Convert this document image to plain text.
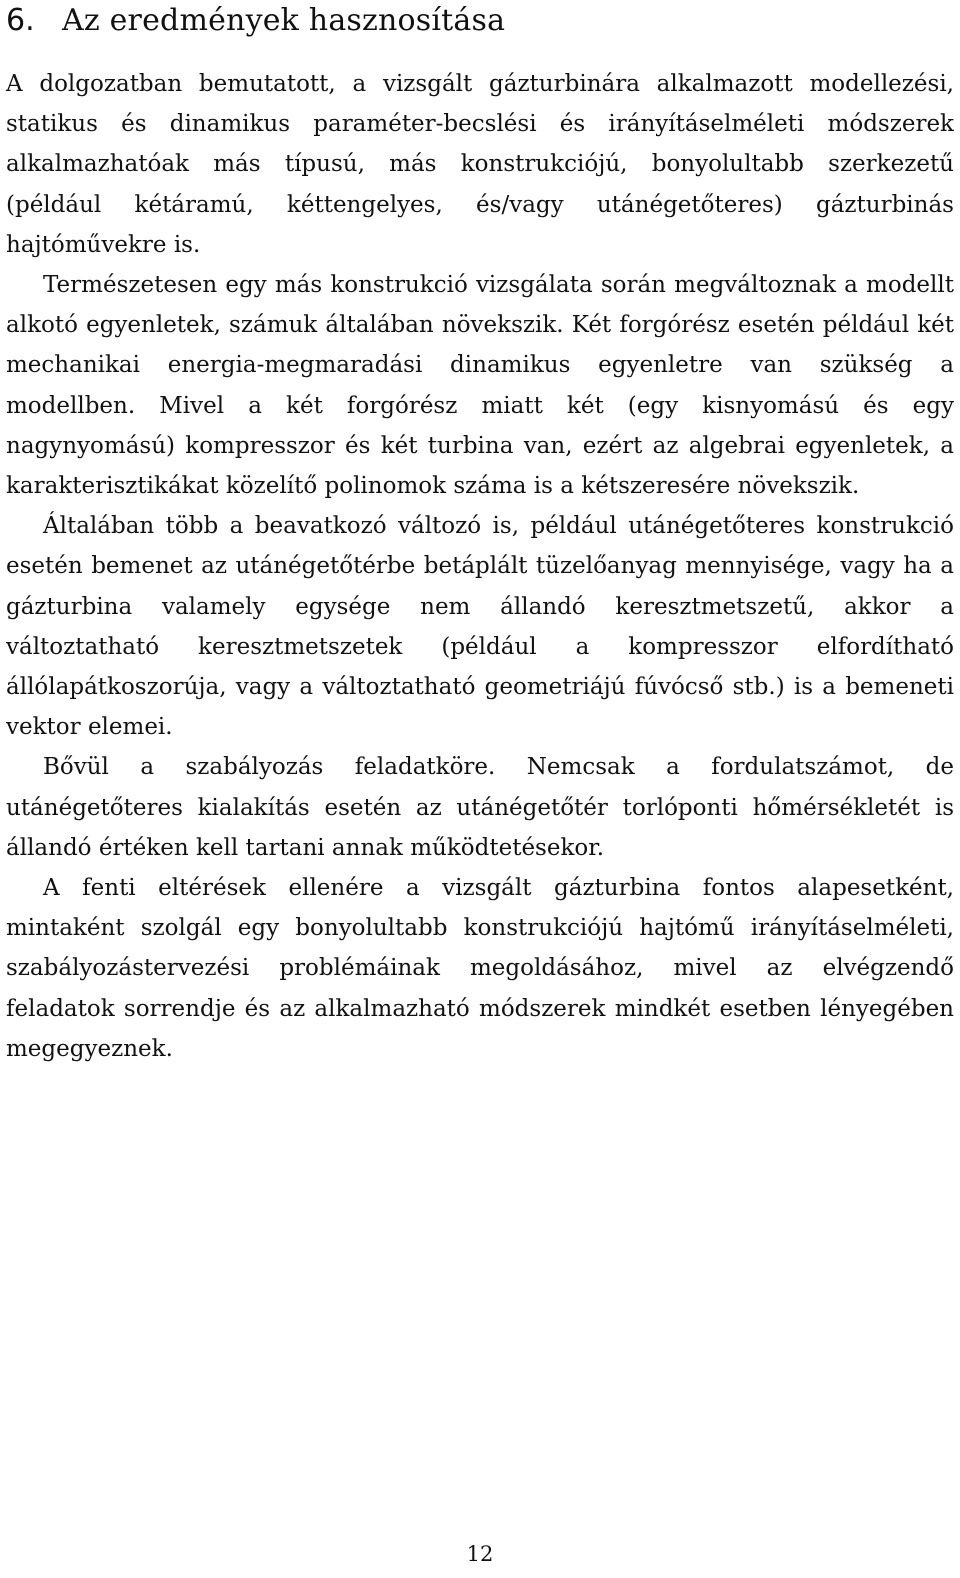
6. Az eredmények hasznosítása

A dolgozatban bemutatott, a vizsgált gázturbinára alkalmazott modellezési, statikus és dinamikus paraméter-becslési és irányításelméleti módszerek alkalmazhatóak más típusú, más konstrukciójú, bonyolultabb szerkezetű (például kétáramú, kéttengelyes, és/vagy utánégetőteres) gázturbinás hajtóművekre is.

Természetesen egy más konstrukció vizsgálata során megváltoznak a modellt alkotó egyenletek, számuk általában növekszik. Két forgórész esetén például két mechanikai energia-megmaradási dinamikus egyenletre van szükség a modellben. Mivel a két forgórész miatt két (egy kisnyomású és egy nagynyomású) kompresszor és két turbina van, ezért az algebrai egyenletek, a karakterisztikákat közelítő polinomok száma is a kétszeresére növekszik.

Általában több a beavatkozó változó is, például utánégetőteres konstrukció esetén bemenet az utánégetőtérbe betáplált tüzelőanyag mennyisége, vagy ha a gázturbina valamely egysége nem állandó keresztmetszetű, akkor a változtatható keresztmetszetek (például a kompresszor elfordítható állólapátkoszorúja, vagy a változtatható geometriájú fúvócső stb.) is a bemeneti vektor elemei.

Bővül a szabályozás feladatköre. Nemcsak a fordulatszámot, de utánégetőteres kialakítás esetén az utánégetőtér torlóponti hőmérsékletét is állandó értéken kell tartani annak működtetésekor.

A fenti eltérések ellenére a vizsgált gázturbina fontos alapesetként, mintaként szolgál egy bonyolultabb konstrukciójú hajtómű irányításelméleti, szabályozástervezési problémáinak megoldásához, mivel az elvégzendő feladatok sorrendje és az alkalmazható módszerek mindkét esetben lényegében megegyeznek.

12
